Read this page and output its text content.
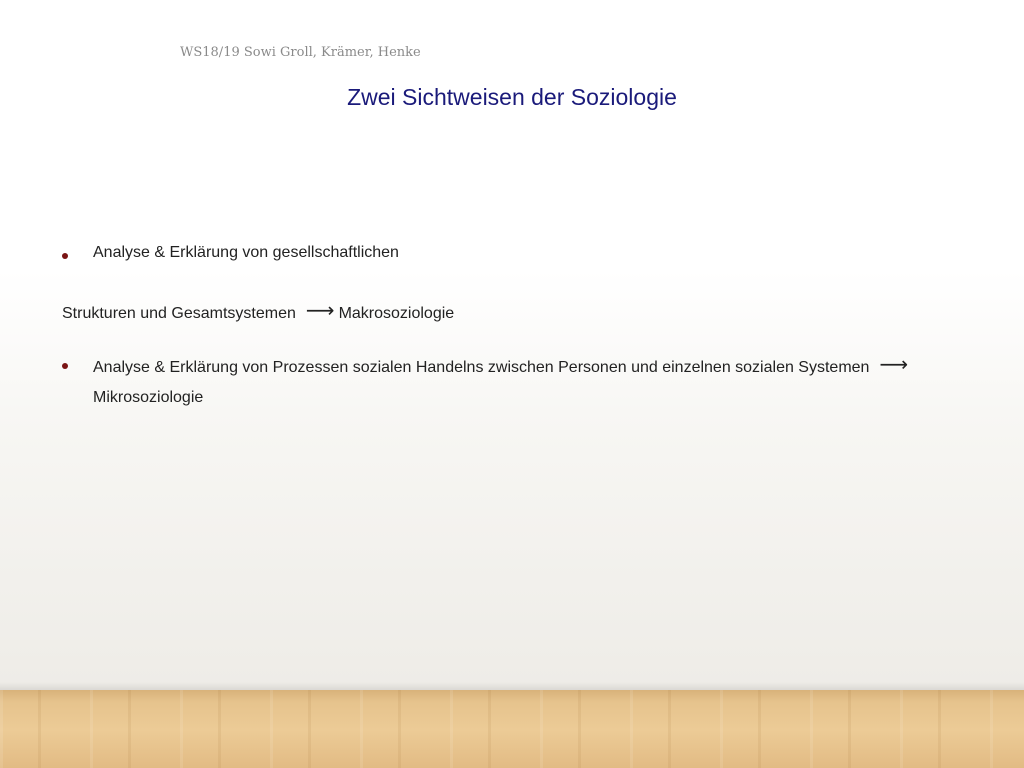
WS18/19 Sowi Groll, Krämer, Henke
Zwei Sichtweisen der Soziologie
Analyse & Erklärung von gesellschaftlichen
Strukturen und Gesamtsystemen ⟶ Makrosoziologie
Analyse & Erklärung von Prozessen sozialen Handelns zwischen Personen und einzelnen sozialen Systemen ⟶
Mikrosoziologie
